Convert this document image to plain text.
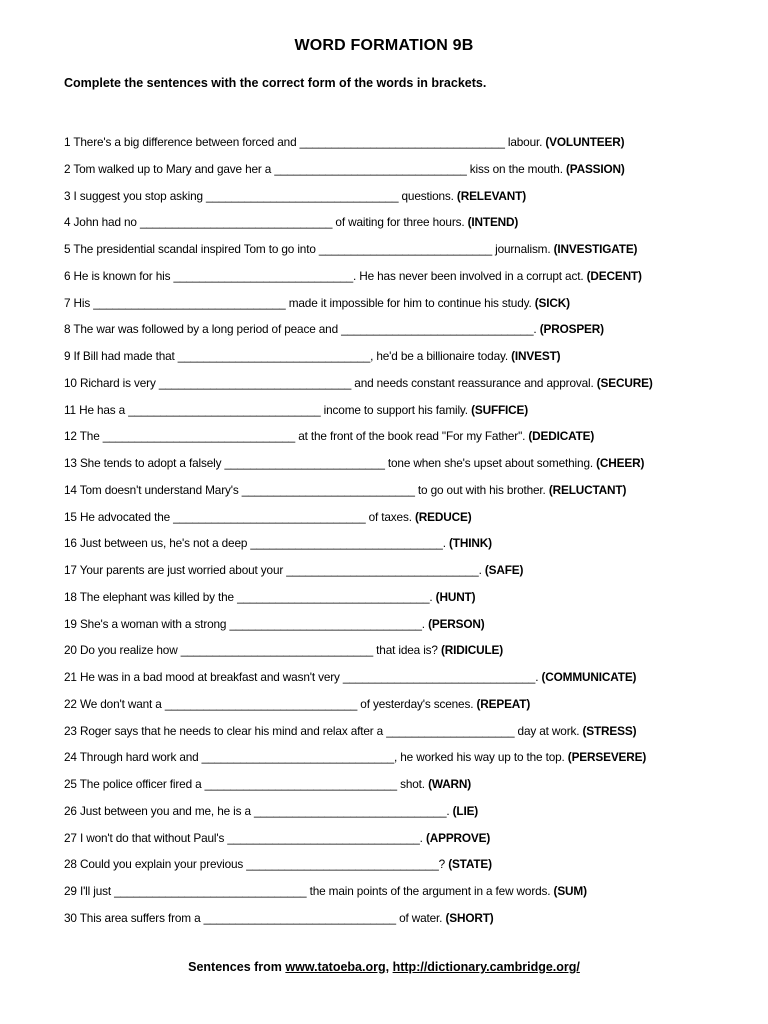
WORD FORMATION 9B
Complete the sentences with the correct form of the words in brackets.
1 There's a big difference between forced and ________________________________ labour. (VOLUNTEER)
2 Tom walked up to Mary and gave her a ______________________________ kiss on the mouth. (PASSION)
3 I suggest you stop asking ______________________________ questions. (RELEVANT)
4 John had no ______________________________ of waiting for three hours. (INTEND)
5 The presidential scandal inspired Tom to go into ___________________________ journalism. (INVESTIGATE)
6 He is known for his ____________________________. He has never been involved in a corrupt act. (DECENT)
7 His ______________________________ made it impossible for him to continue his study. (SICK)
8 The war was followed by a long period of peace and ______________________________. (PROSPER)
9 If Bill had made that ______________________________, he'd be a billionaire today. (INVEST)
10 Richard is very ______________________________ and needs constant reassurance and approval. (SECURE)
11 He has a ______________________________ income to support his family. (SUFFICE)
12 The ______________________________ at the front of the book read "For my Father". (DEDICATE)
13 She tends to adopt a falsely _________________________ tone when she's upset about something. (CHEER)
14 Tom doesn't understand Mary's ___________________________ to go out with his brother. (RELUCTANT)
15 He advocated the ______________________________ of taxes. (REDUCE)
16 Just between us, he's not a deep ______________________________. (THINK)
17 Your parents are just worried about your ______________________________. (SAFE)
18 The elephant was killed by the ______________________________. (HUNT)
19 She's a woman with a strong ______________________________. (PERSON)
20 Do you realize how ______________________________ that idea is? (RIDICULE)
21 He was in a bad mood at breakfast and wasn't very ______________________________. (COMMUNICATE)
22 We don't want a ______________________________ of yesterday's scenes. (REPEAT)
23 Roger says that he needs to clear his mind and relax after a ____________________ day at work. (STRESS)
24 Through hard work and ______________________________, he worked his way up to the top. (PERSEVERE)
25 The police officer fired a ______________________________ shot. (WARN)
26 Just between you and me, he is a ______________________________. (LIE)
27 I won't do that without Paul's ______________________________. (APPROVE)
28 Could you explain your previous ______________________________? (STATE)
29 I'll just ______________________________ the main points of the argument in a few words. (SUM)
30 This area suffers from a ______________________________ of water. (SHORT)
Sentences from www.tatoeba.org, http://dictionary.cambridge.org/
